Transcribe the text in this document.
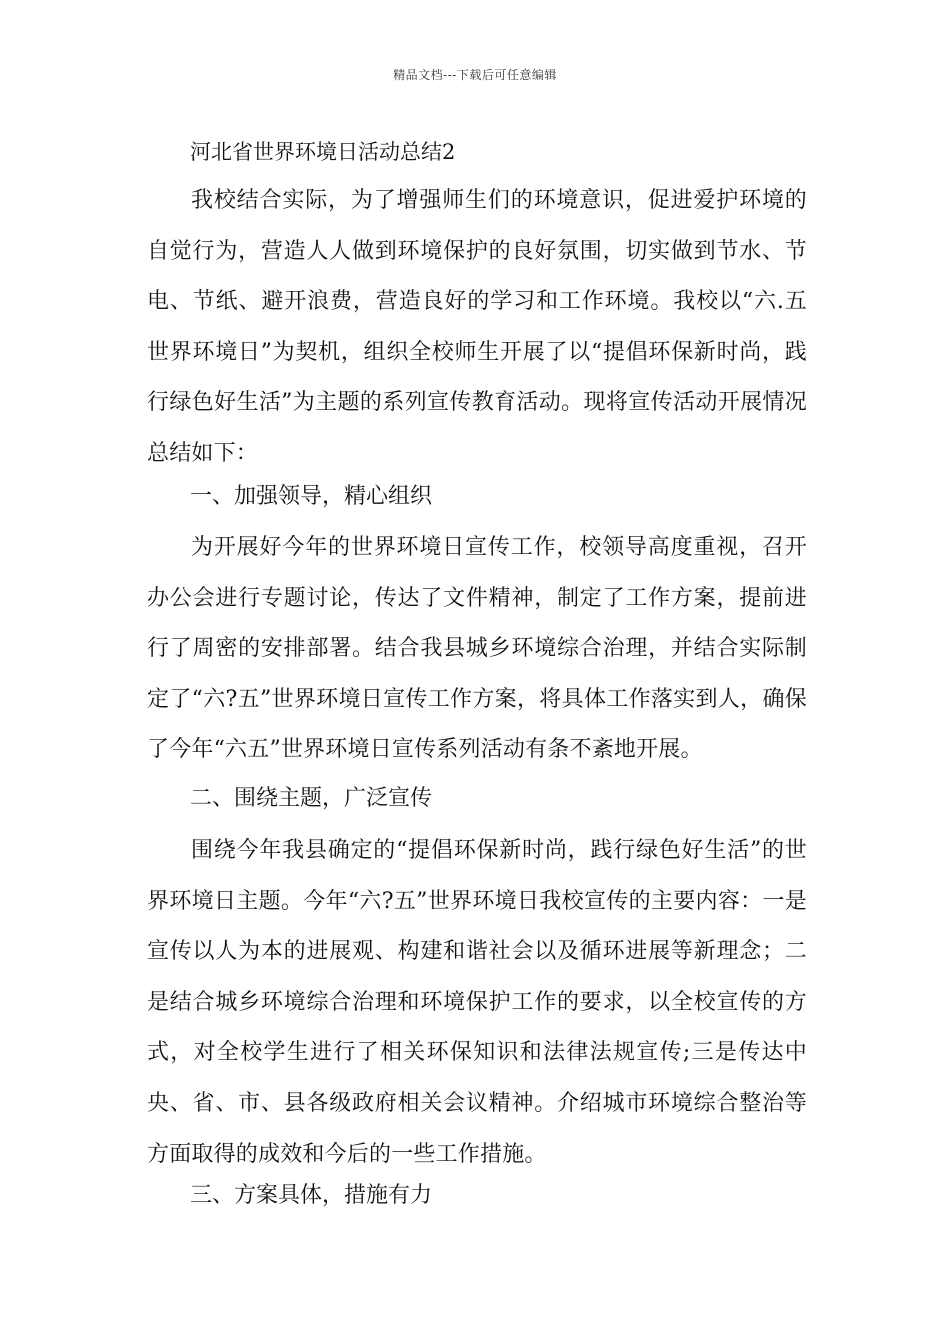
精品文档---下载后可任意编辑
河北省世界环境日活动总结2
我校结合实际，为了增强师生们的环境意识，促进爱护环境的自觉行为，营造人人做到环境保护的良好氛围，切实做到节水、节电、节纸、避开浪费，营造良好的学习和工作环境。我校以“六.五世界环境日”为契机，组织全校师生开展了以“提倡环保新时尚，践行绿色好生活”为主题的系列宣传教育活动。现将宣传活动开展情况总结如下：
一、加强领导，精心组织
为开展好今年的世界环境日宣传工作，校领导高度重视，召开办公会进行专题讨论，传达了文件精神，制定了工作方案，提前进行了周密的安排部署。结合我县城乡环境综合治理，并结合实际制定了“六?五”世界环境日宣传工作方案，将具体工作落实到人，确保了今年“六五”世界环境日宣传系列活动有条不紊地开展。
二、围绕主题，广泛宣传
围绕今年我县确定的“提倡环保新时尚，践行绿色好生活”的世界环境日主题。今年“六?五”世界环境日我校宣传的主要内容：一是宣传以人为本的进展观、构建和谐社会以及循环进展等新理念；二是结合城乡环境综合治理和环境保护工作的要求，以全校宣传的方式，对全校学生进行了相关环保知识和法律法规宣传;三是传达中央、省、市、县各级政府相关会议精神。介绍城市环境综合整治等方面取得的成效和今后的一些工作措施。
三、方案具体，措施有力
